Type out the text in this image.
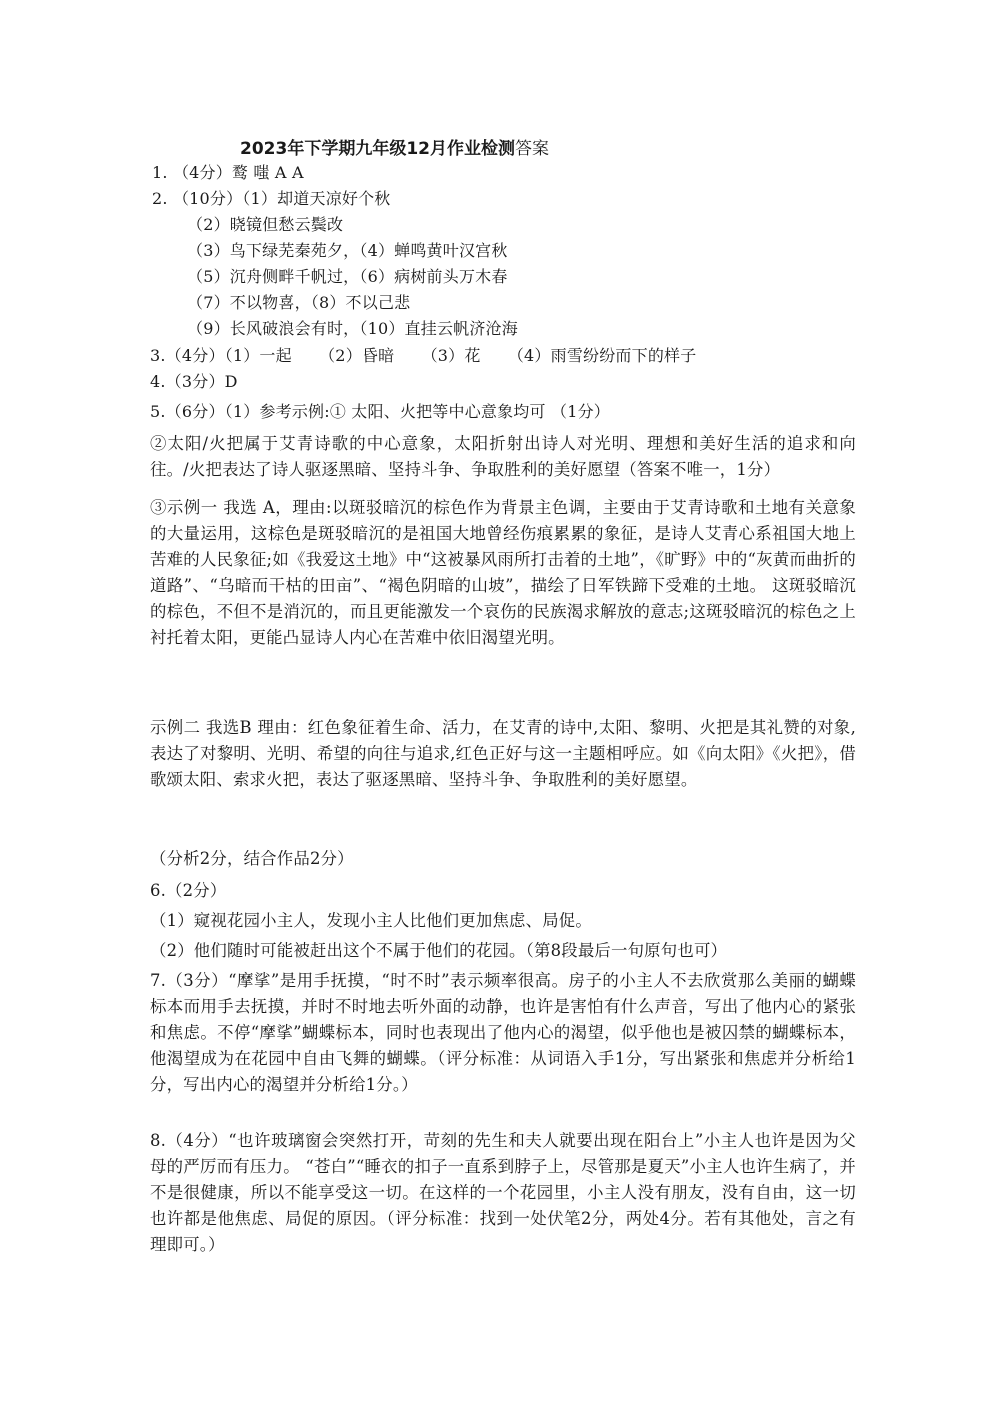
2023年下学期九年级12月作业检测答案
1. （4分）鹜 嗤 A A
2. （10分）（1）却道天凉好个秋
（2）晓镜但愁云鬓改
（3）鸟下绿芜秦苑夕，（4）蝉鸣黄叶汉宫秋
（5）沉舟侧畔千帆过，（6）病树前头万木春
（7）不以物喜，（8）不以己悲
（9）长风破浪会有时，（10）直挂云帆济沧海
3.（4分）（1）一起 （2）昏暗 （3）花 （4）雨雪纷纷而下的样子
4.（3分）D
5.（6分）（1）参考示例:① 太阳、火把等中心意象均可 （1分）
②太阳/火把属于艾青诗歌的中心意象，太阳折射出诗人对光明、理想和美好生活的追求和向往。/火把表达了诗人驱逐黑暗、坚持斗争、争取胜利的美好愿望（答案不唯一，1分）
③示例一 我选 A，理由:以斑驳暗沉的棕色作为背景主色调，主要由于艾青诗歌和土地有关意象的大量运用，这棕色是斑驳暗沉的是祖国大地曾经伤痕累累的象征，是诗人艾青心系祖国大地上苦难的人民象征;如《我爱这土地》中“这被暴风雨所打击着的土地”，《旷野》中的“灰黄而曲折的道路”、“乌暗而干枯的田亩”、“褐色阴暗的山坡”，描绘了日军铁蹄下受难的土地。 这斑驳暗沉的棕色，不但不是消沉的，而且更能激发一个哀伤的民族渴求解放的意志;这斑驳暗沉的棕色之上衬托着太阳，更能凸显诗人内心在苦难中依旧渴望光明。
示例二 我选B 理由：红色象征着生命、活力，在艾青的诗中,太阳、黎明、火把是其礼赞的对象,表达了对黎明、光明、希望的向往与追求,红色正好与这一主题相呼应。如《向太阳》《火把》，借歌颂太阳、索求火把，表达了驱逐黑暗、坚持斗争、争取胜利的美好愿望。
（分析2分，结合作品2分）
6.（2分）
（1）窥视花园小主人，发现小主人比他们更加焦虑、局促。
（2）他们随时可能被赶出这个不属于他们的花园。（第8段最后一句原句也可）
7.（3分）“摩挲”是用手抚摸，“时不时”表示频率很高。房子的小主人不去欣赏那么美丽的蝴蝶标本而用手去抚摸，并时不时地去听外面的动静，也许是害怕有什么声音，写出了他内心的紧张和焦虑。不停“摩挲”蝴蝶标本，同时也表现出了他内心的渴望，似乎他也是被囚禁的蝴蝶标本，他渴望成为在花园中自由飞舞的蝴蝶。（评分标准：从词语入手1分，写出紧张和焦虑并分析给1分，写出内心的渴望并分析给1分。）
8.（4分）“也许玻璃窗会突然打开，苛刻的先生和夫人就要出现在阳台上”小主人也许是因为父母的严厉而有压力。 “苍白”“睡衣的扣子一直系到脖子上，尽管那是夏天”小主人也许生病了，并不是很健康，所以不能享受这一切。在这样的一个花园里，小主人没有朋友，没有自由，这一切也许都是他焦虑、局促的原因。（评分标准：找到一处伏笔2分，两处4分。若有其他处，言之有理即可。）
